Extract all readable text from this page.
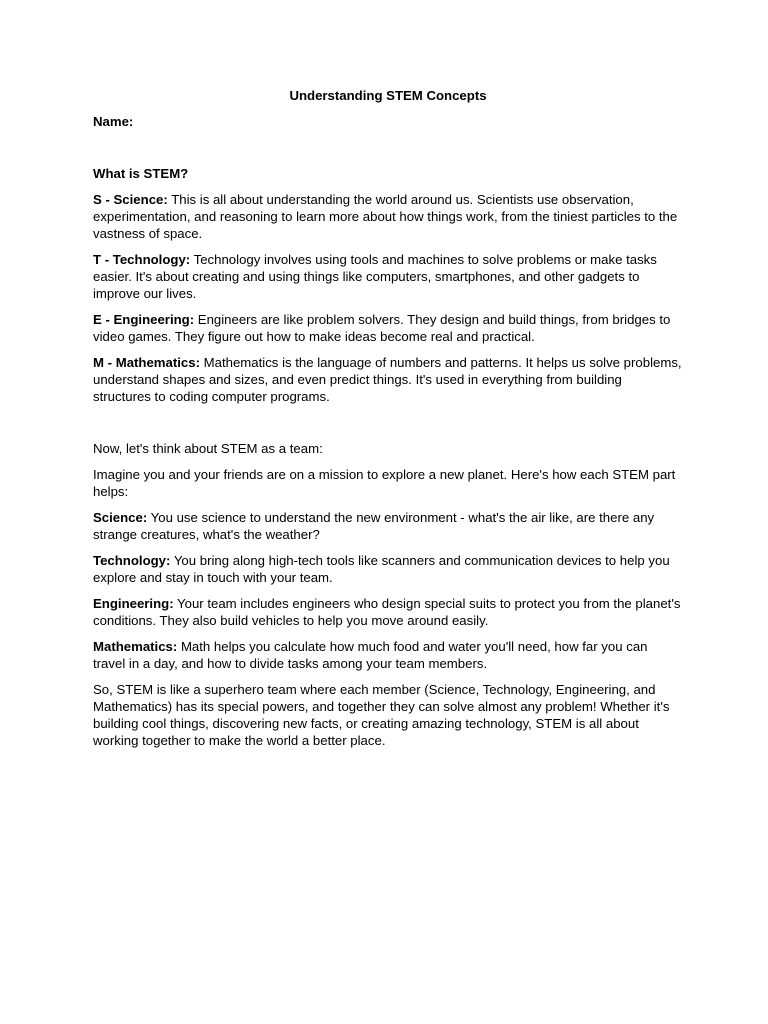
Understanding STEM Concepts
Name:
What is STEM?

S - Science: This is all about understanding the world around us. Scientists use observation, experimentation, and reasoning to learn more about how things work, from the tiniest particles to the vastness of space.

T - Technology: Technology involves using tools and machines to solve problems or make tasks easier. It's about creating and using things like computers, smartphones, and other gadgets to improve our lives.

E - Engineering: Engineers are like problem solvers. They design and build things, from bridges to video games. They figure out how to make ideas become real and practical.

M - Mathematics: Mathematics is the language of numbers and patterns. It helps us solve problems, understand shapes and sizes, and even predict things. It's used in everything from building structures to coding computer programs.

Now, let's think about STEM as a team:

Imagine you and your friends are on a mission to explore a new planet. Here's how each STEM part helps:

Science: You use science to understand the new environment - what's the air like, are there any strange creatures, what's the weather?

Technology: You bring along high-tech tools like scanners and communication devices to help you explore and stay in touch with your team.

Engineering: Your team includes engineers who design special suits to protect you from the planet's conditions. They also build vehicles to help you move around easily.

Mathematics: Math helps you calculate how much food and water you'll need, how far you can travel in a day, and how to divide tasks among your team members.

So, STEM is like a superhero team where each member (Science, Technology, Engineering, and Mathematics) has its special powers, and together they can solve almost any problem! Whether it's building cool things, discovering new facts, or creating amazing technology, STEM is all about working together to make the world a better place.
